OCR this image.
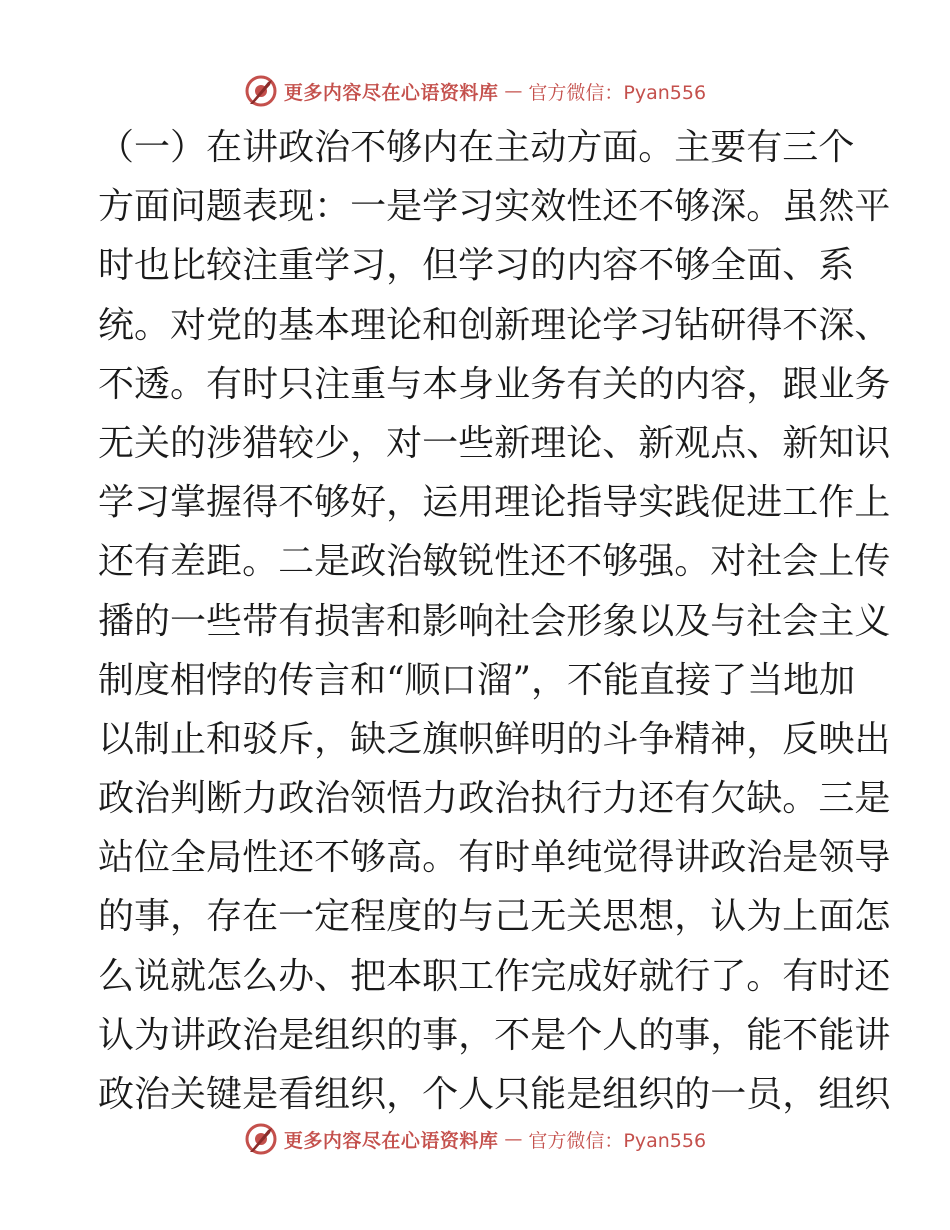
更多内容尽在心语资料库 — 官方微信：Pyan556
（ 一 ） 在 讲 政 治 不 够 内 在 主 动 方 面 。 主 要 有 三 个
方 面 问 题 表 现 ： 一 是 学 习 实 效 性 还 不 够 深 。 虽 然 平
时 也 比 较 注 重 学 习 ， 但 学 习 的 内 容 不 够 全 面 、 系
统 。 对 党 的 基 本 理 论 和 创 新 理 论 学 习 钻 研 得 不 深 、
不 透 。 有 时 只 注 重 与 本 身 业 务 有 关 的 内 容 ， 跟 业 务
无 关 的 涉 猎 较 少 ， 对 一 些 新 理 论 、 新 观 点 、 新 知 识
学 习 掌 握 得 不 够 好 ， 运 用 理 论 指 导 实 践 促 进 工 作 上
还 有 差 距 。 二 是 政 治 敏 锐 性 还 不 够 强 。 对 社 会 上 传
播 的 一 些 带 有 损 害 和 影 响 社 会 形 象 以 及 与 社 会 主 义
制 度 相 悖 的 传 言 和 “ 顺 口 溜 ” ， 不 能 直 接 了 当 地 加
以 制 止 和 驳 斥 ， 缺 乏 旗 帜 鲜 明 的 斗 争 精 神 ， 反 映 出
政 治 判 断 力 政 治 领 悟 力 政 治 执 行 力 还 有 欠 缺 。 三 是
站 位 全 局 性 还 不 够 高 。 有 时 单 纯 觉 得 讲 政 治 是 领 导
的 事 ， 存 在 一 定 程 度 的 与 己 无 关 思 想 ， 认 为 上 面 怎
么 说 就 怎 么 办 、 把 本 职 工 作 完 成 好 就 行 了 。 有 时 还
认 为 讲 政 治 是 组 织 的 事 ， 不 是 个 人 的 事 ， 能 不 能 讲
政 治 关 键 是 看 组 织 ， 个 人 只 能 是 组 织 的 一 员 ， 组 织
更多内容尽在心语资料库 — 官方微信：Pyan556
